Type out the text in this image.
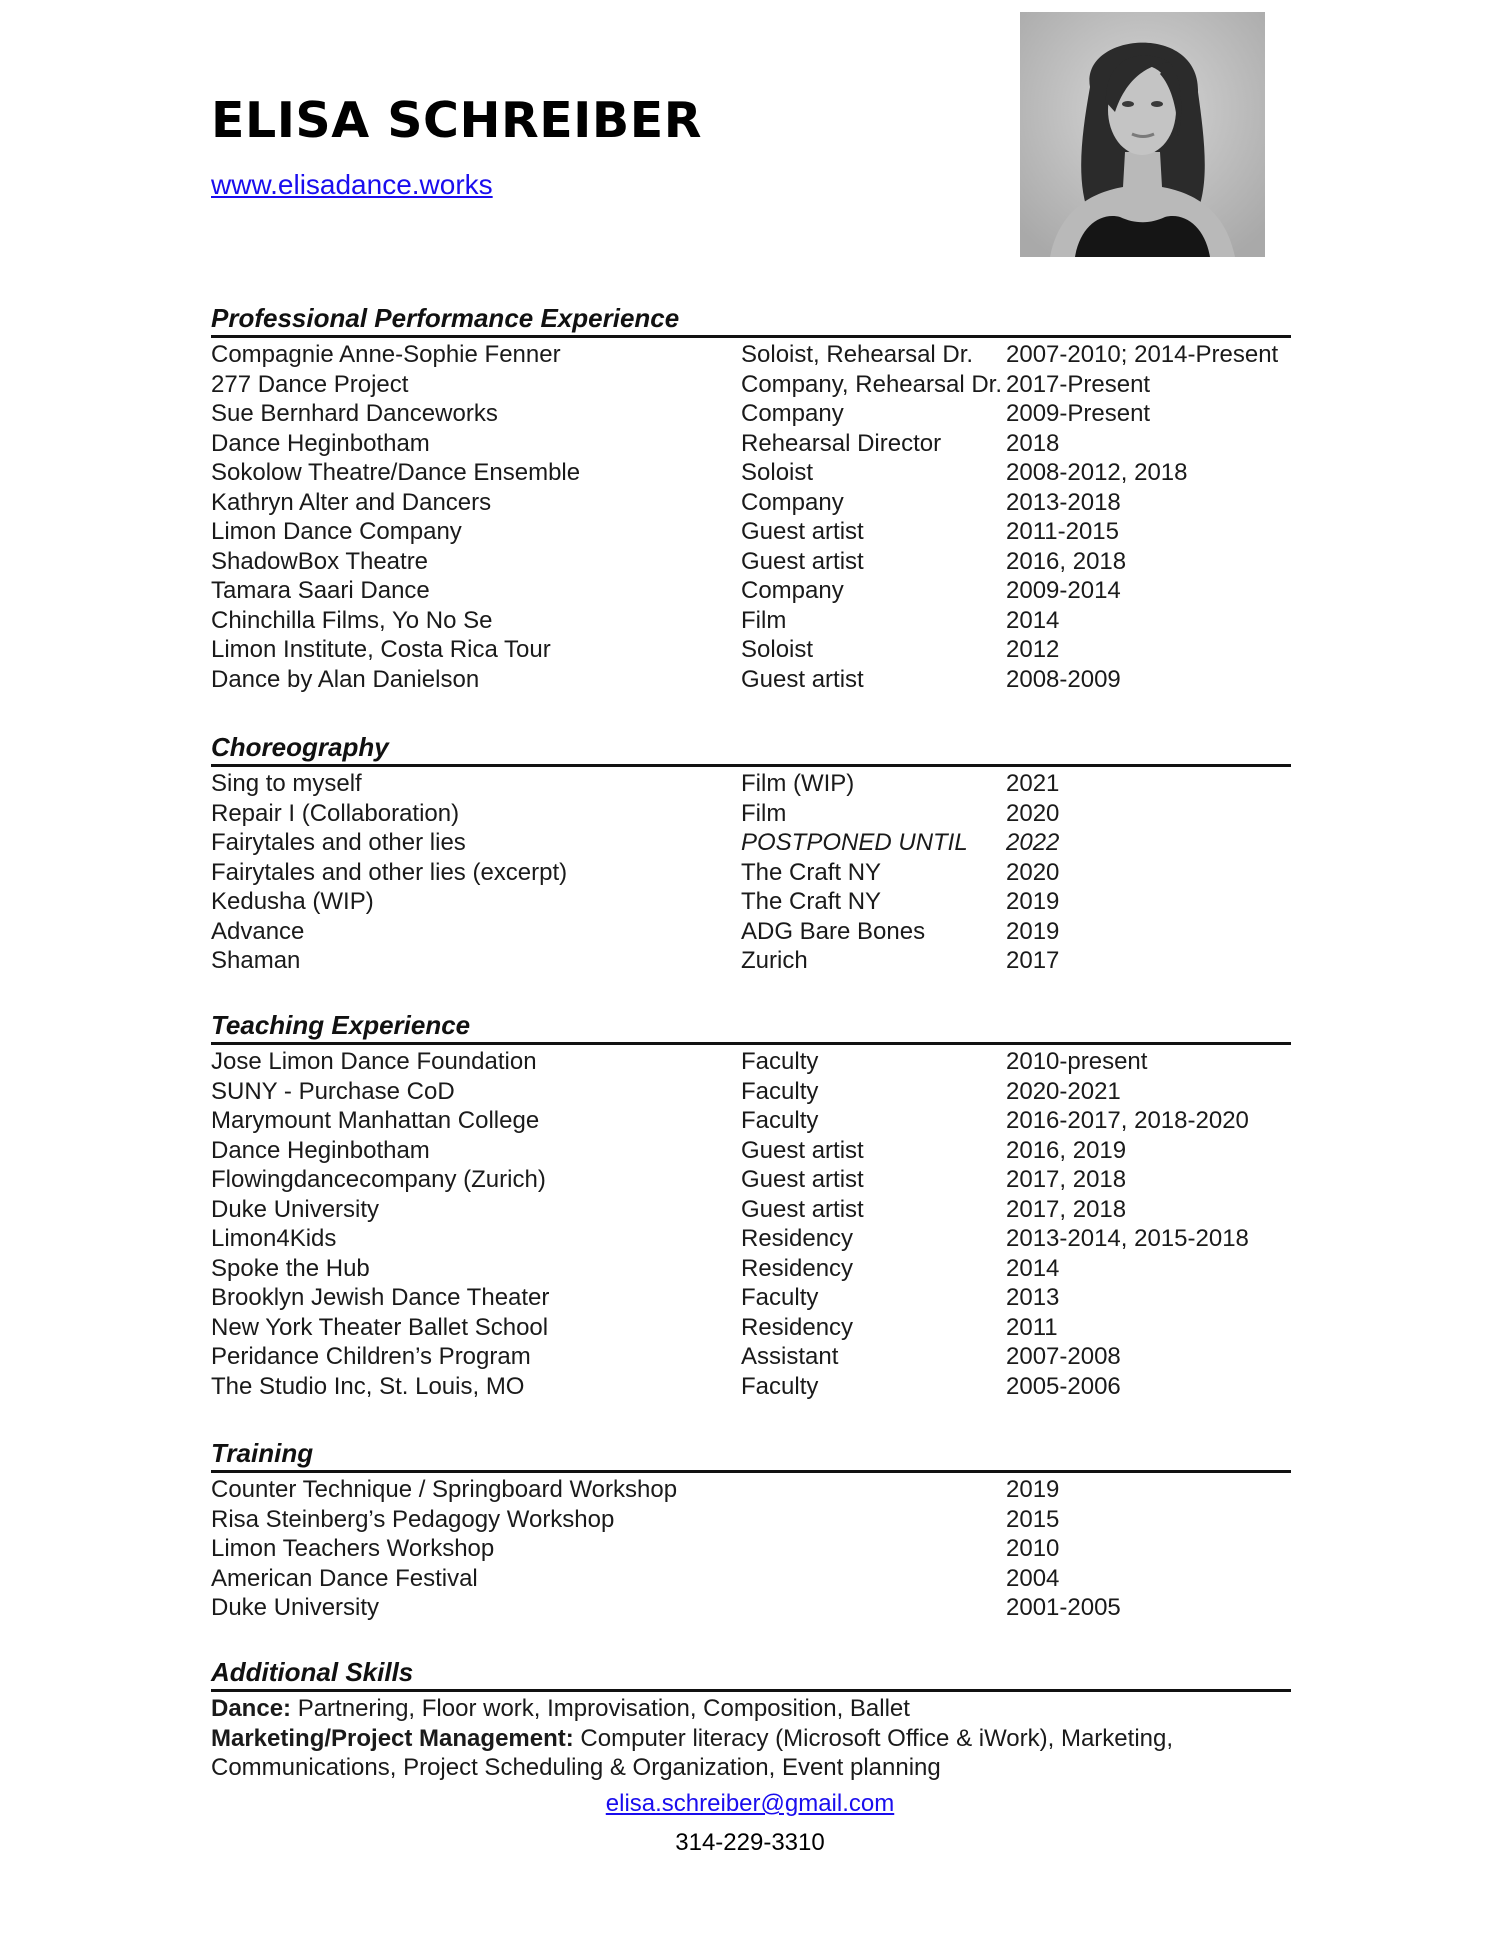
ELISA SCHREIBER
www.elisadance.works
Professional Performance Experience
Compagnie Anne-Sophie Fenner	Soloist, Rehearsal Dr. 2007-2010; 2014-Present
277 Dance Project	Company, Rehearsal Dr. 2017-Present
Sue Bernhard Danceworks	Company	2009-Present
Dance Heginbotham	Rehearsal Director	2018
Sokolow Theatre/Dance Ensemble	Soloist	2008-2012, 2018
Kathryn Alter and Dancers	Company	2013-2018
Limon Dance Company	Guest artist	2011-2015
ShadowBox Theatre	Guest artist	2016, 2018
Tamara Saari Dance	Company	2009-2014
Chinchilla Films, Yo No Se	Film	2014
Limon Institute, Costa Rica Tour	Soloist	2012
Dance by Alan Danielson	Guest artist	2008-2009
Choreography
Sing to myself	Film (WIP)	2021
Repair I (Collaboration)	Film	2020
Fairytales and other lies	POSTPONED UNTIL 2022
Fairytales and other lies (excerpt)	The Craft NY	2020
Kedusha (WIP)	The Craft NY	2019
Advance	ADG Bare Bones	2019
Shaman	Zurich	2017
Teaching Experience
Jose Limon Dance Foundation	Faculty	2010-present
SUNY - Purchase CoD	Faculty	2020-2021
Marymount Manhattan College	Faculty	2016-2017, 2018-2020
Dance Heginbotham	Guest artist	2016, 2019
Flowingdancecompany (Zurich)	Guest artist	2017, 2018
Duke University	Guest artist	2017, 2018
Limon4Kids	Residency	2013-2014, 2015-2018
Spoke the Hub	Residency	2014
Brooklyn Jewish Dance Theater	Faculty	2013
New York Theater Ballet School	Residency	2011
Peridance Children’s Program	Assistant	2007-2008
The Studio Inc, St. Louis, MO	Faculty	2005-2006
Training
Counter Technique / Springboard Workshop	2019
Risa Steinberg’s Pedagogy Workshop	2015
Limon Teachers Workshop	2010
American Dance Festival	2004
Duke University	2001-2005
Additional Skills
Dance: Partnering, Floor work, Improvisation, Composition, Ballet
Marketing/Project Management: Computer literacy (Microsoft Office & iWork), Marketing, Communications, Project Scheduling & Organization, Event planning
elisa.schreiber@gmail.com
314-229-3310
